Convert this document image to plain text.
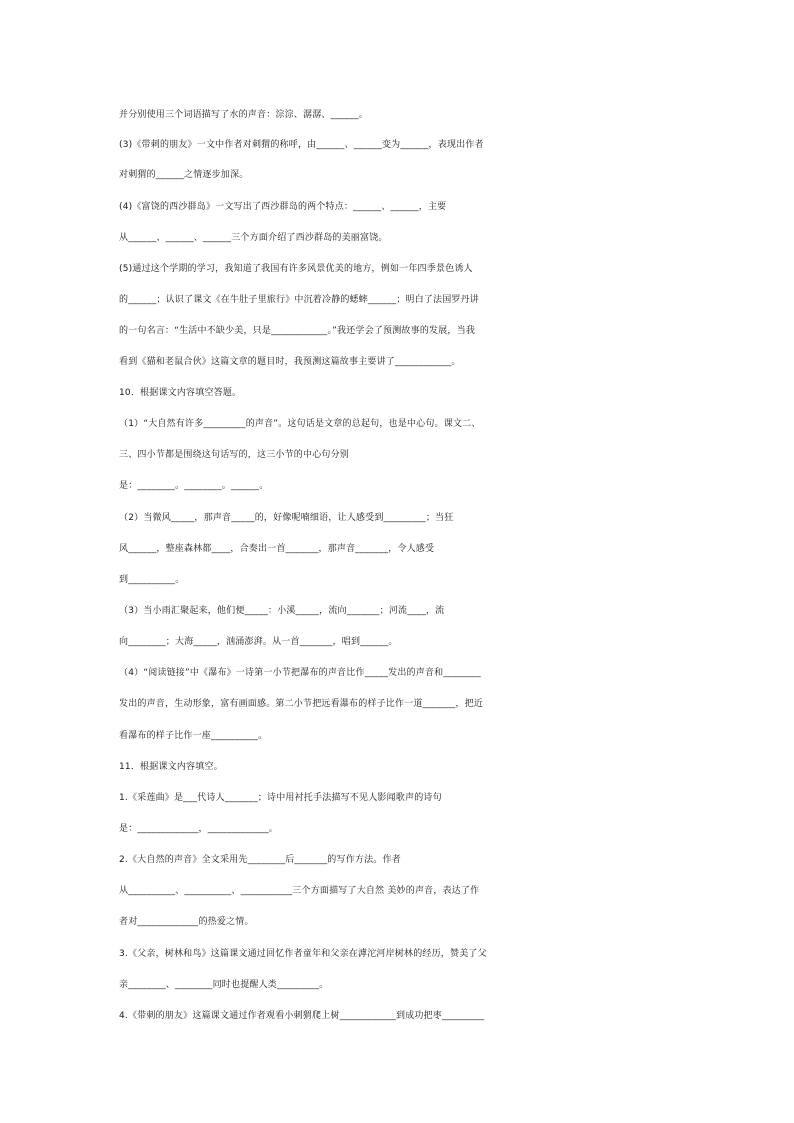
并分别使用三个词语描写了水的声音：淙淙、潺潺、______。
(3)《带刺的朋友》一文中作者对刺猬的称呼，由______、______变为______，表现出作者
对刺猬的______之情逐步加深。
(4)《富饶的西沙群岛》一文写出了西沙群岛的两个特点：______、______，主要
从______、______、______三个方面介绍了西沙群岛的美丽富饶。
(5)通过这个学期的学习，我知道了我国有许多风景优美的地方，例如一年四季景色诱人
的______；认识了课文《在牛肚子里旅行》中沉着冷静的蟋蟀______；明白了法国罗丹讲
的一句名言：“生活中不缺少美，只是____________。”我还学会了预测故事的发展，当我
看到《猫和老鼠合伙》这篇文章的题目时，我预测这篇故事主要讲了____________。
10．根据课文内容填空答题。
（1）“大自然有许多_________的声音”。这句话是文章的总起句，也是中心句。课文二、
三、四小节都是围绕这句话写的，这三小节的中心句分别
是：________。________。______。
（2）当微风_____，那声音_____的，好像呢喃细语，让人感受到_________；当狂
风______，整座森林都____，合奏出一首_______，那声音_______，令人感受
到__________。
（3）当小雨汇聚起来，他们便_____：小溪_____，流向_______；河流____，流
向________；大海_____，汹涌澎湃。从一首_______，唱到______。
（4）“阅读链接”中《瀑布》一诗第一小节把瀑布的声音比作_____发出的声音和________
发出的声音，生动形象，富有画面感。第二小节把远看瀑布的样子比作一道_______，把近
看瀑布的样子比作一座__________。
11．根据课文内容填空。
1.《采莲曲》是___代诗人_______；诗中用衬托手法描写不见人影闻歌声的诗句
是：_____________，_____________。
2.《大自然的声音》全文采用先________后_______的写作方法。作者
从__________、__________、___________三个方面描写了大自然 美妙的声音，表达了作
者对_____________的热爱之情。
3.《父亲，树林和鸟》这篇课文通过回忆作者童年和父亲在滹沱河岸树林的经历，赞美了父
亲________、________同时也提醒人类_________。
4.《带刺的朋友》这篇课文通过作者观看小刺猬爬上树____________到成功把枣_________
